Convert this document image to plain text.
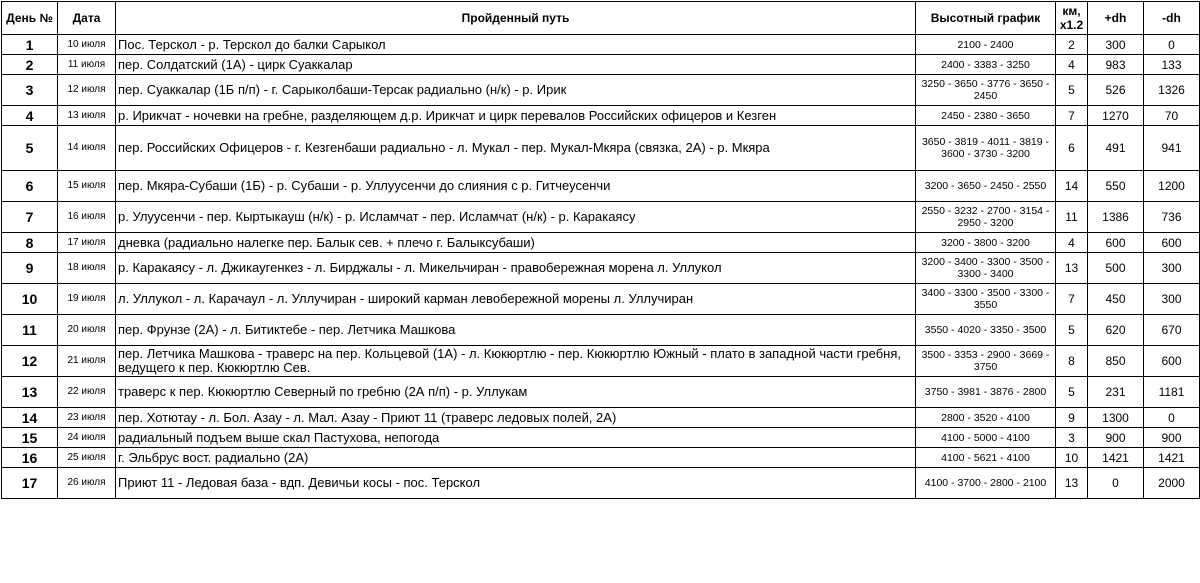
День №	Дата	Пройденный путь	Высотный график	км, х1.2	+dh	-dh
1	10 июля	Пос. Терскол - р. Терскол до балки Сарыкол	2100 - 2400	2	300	0
2	11 июля	пер. Солдатский (1А) - цирк Суаккалар	2400 - 3383 - 3250	4	983	133
3	12 июля	пер. Суаккалар (1Б п/п) - г. Сарыколбаши-Терсак радиально (н/к) - р. Ирик	3250 - 3650 - 3776 - 3650 - 2450	5	526	1326
4	13 июля	р. Ирикчат - ночевки на гребне, разделяющем д.р. Ирикчат и цирк перевалов Российских офицеров и Кезген	2450 - 2380 - 3650	7	1270	70
5	14 июля	пер. Российских Офицеров - г. Кезгенбаши радиально - л. Мукал - пер. Мукал-Мкяра (связка, 2А) - р. Мкяра	3650 - 3819 - 4011 - 3819 - 3600 - 3730 - 3200	6	491	941
6	15 июля	пер. Мкяра-Субаши (1Б) - р. Субаши - р. Уллуусенчи до слияния с р. Гитчеусенчи	3200 - 3650 - 2450 - 2550	14	550	1200
7	16 июля	р. Улуусенчи - пер. Кыртыкауш (н/к) - р. Исламчат - пер. Исламчат (н/к) - р. Каракаясу	2550 - 3232 - 2700 - 3154 - 2950 - 3200	11	1386	736
8	17 июля	дневка (радиально налегке пер. Балык сев. + плечо г. Балыксубаши)	3200 - 3800 - 3200	4	600	600
9	18 июля	р. Каракаясу - л. Джикаугенкез - л. Бирджалы - л. Микельчиран - правобережная морена л. Уллукол	3200 - 3400 - 3300 - 3500 - 3300 - 3400	13	500	300
10	19 июля	л. Уллукол - л. Карачаул - л. Уллучиран - широкий карман левобережной морены л. Уллучиран	3400 - 3300 - 3500 - 3300 - 3550	7	450	300
11	20 июля	пер. Фрунзе (2А) - л. Битиктебе - пер. Летчика Машкова	3550 - 4020 - 3350 - 3500	5	620	670
12	21 июля	пер. Летчика Машкова - траверс на пер. Кольцевой (1А) - л. Кюкюртлю - пер. Кюкюртлю Южный - плато в западной части гребня, ведущего к пер. Кюкюртлю Сев.	3500 - 3353 - 2900 - 3669 - 3750	8	850	600
13	22 июля	траверс к пер. Кюкюртлю Северный по гребню (2А п/п) - р. Уллукам	3750 - 3981 - 3876 - 2800	5	231	1181
14	23 июля	пер. Хотютау - л. Бол. Азау - л. Мал. Азау - Приют 11 (траверс ледовых полей, 2А)	2800 - 3520 - 4100	9	1300	0
15	24 июля	радиальный подъем выше скал Пастухова, непогода	4100 - 5000 - 4100	3	900	900
16	25 июля	г. Эльбрус вост. радиально (2А)	4100 - 5621 - 4100	10	1421	1421
17	26 июля	Приют 11 - Ледовая база - вдп. Девичьи косы - пос. Терскол	4100 - 3700 - 2800 - 2100	13	0	2000
